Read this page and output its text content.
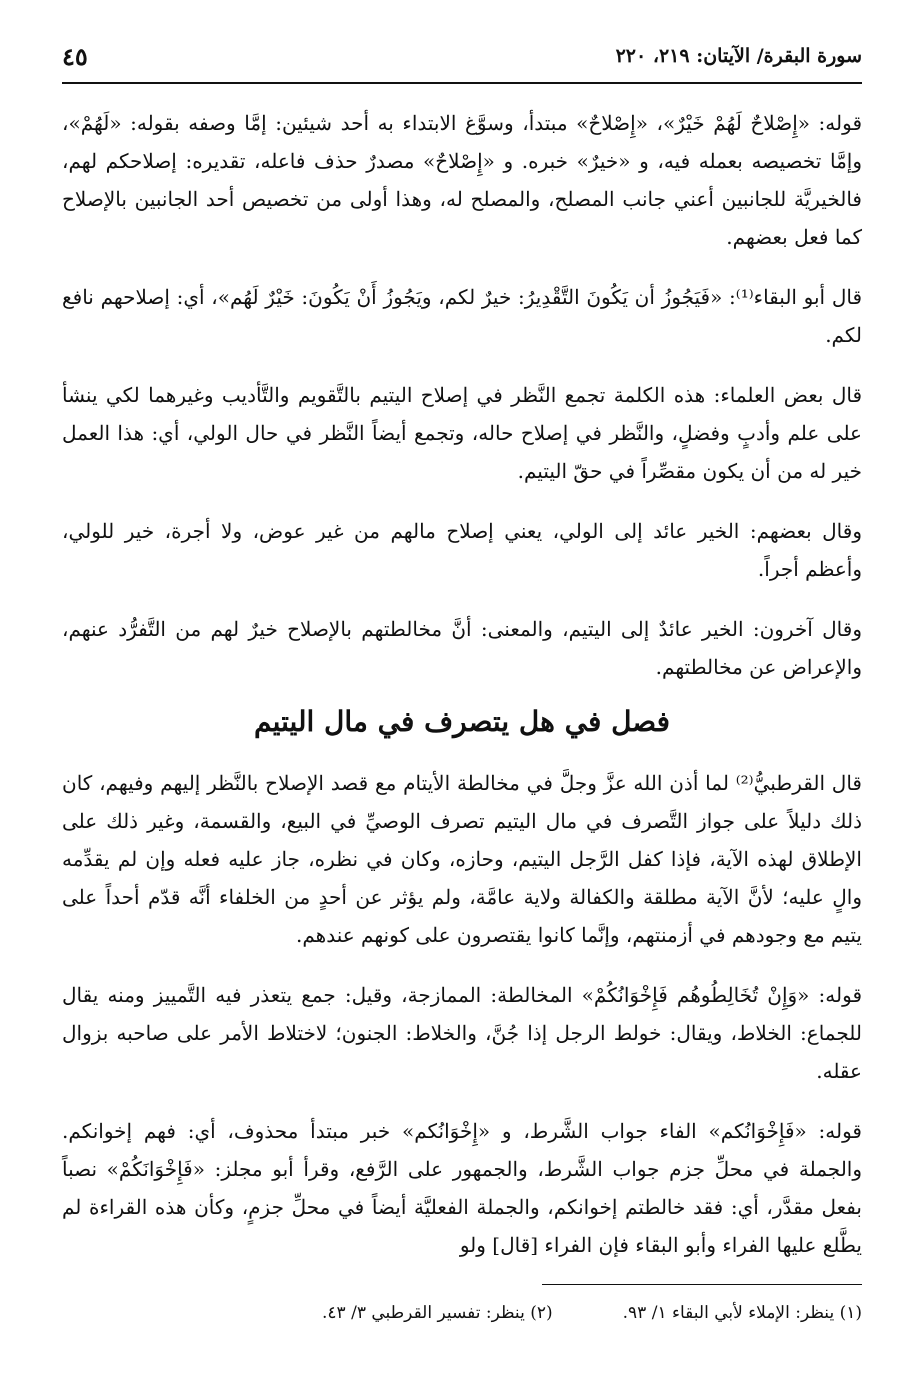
سورة البقرة/ الآيتان: ٢١٩، ٢٢٠
٤٥

قوله: «إِصْلاحٌ لَهُمْ خَيْرٌ»، «إِصْلاحٌ» مبتدأ، وسوَّغ الابتداء به أحد شيئين: إمَّا وصفه بقوله: «لَهُمْ»، وإمَّا تخصيصه بعمله فيه، و «خيرٌ» خبره. و «إِصْلاحٌ» مصدرٌ حذف فاعله، تقديره: إصلاحكم لهم، فالخيريَّة للجانبين أعني جانب المصلح، والمصلح له، وهذا أولى من تخصيص أحد الجانبين بالإصلاح كما فعل بعضهم.

قال أبو البقاء⁽¹⁾: «فَيَجُوزُ أن يَكُونَ التَّقْدِيرُ: خيرٌ لكم، ويَجُوزُ أَنْ يَكُونَ: خَيْرٌ لَهُم»، أي: إصلاحهم نافع لكم.

قال بعض العلماء: هذه الكلمة تجمع النَّظر في إصلاح اليتيم بالتَّقويم والتَّأديب وغيرهما لكي ينشأ على علم وأدبٍ وفضلٍ، والنَّظر في إصلاح حاله، وتجمع أيضاً النَّظر في حال الولي، أي: هذا العمل خير له من أن يكون مقصِّراً في حقّ اليتيم.

وقال بعضهم: الخير عائد إلى الولي، يعني إصلاح مالهم من غير عوض، ولا أجرة، خير للولي، وأعظم أجراً.

وقال آخرون: الخير عائدٌ إلى اليتيم، والمعنى: أنَّ مخالطتهم بالإصلاح خيرٌ لهم من التَّفرُّد عنهم، والإعراض عن مخالطتهم.

فصل في هل يتصرف في مال اليتيم

قال القرطبيُّ⁽²⁾ لما أذن الله عزَّ وجلَّ في مخالطة الأيتام مع قصد الإصلاح بالنَّظر إليهم وفيهم، كان ذلك دليلاً على جواز التَّصرف في مال اليتيم تصرف الوصيِّ في البيع، والقسمة، وغير ذلك على الإطلاق لهذه الآية، فإذا كفل الرَّجل اليتيم، وحازه، وكان في نظره، جاز عليه فعله وإن لم يقدِّمه والٍ عليه؛ لأنَّ الآية مطلقة والكفالة ولاية عامَّة، ولم يؤثر عن أحدٍ من الخلفاء أنَّه قدّم أحداً على يتيم مع وجودهم في أزمنتهم، وإنَّما كانوا يقتصرون على كونهم عندهم.

قوله: «وَإِنْ تُخَالِطُوهُم فَإِخْوَانُكُمْ» المخالطة: الممازجة، وقيل: جمع يتعذر فيه التَّمييز ومنه يقال للجماع: الخلاط، ويقال: خولط الرجل إذا جُنَّ، والخلاط: الجنون؛ لاختلاط الأمر على صاحبه بزوال عقله.

قوله: «فَإِخْوَانُكم» الفاء جواب الشَّرط، و «إِخْوَانُكم» خبر مبتدأ محذوف، أي: فهم إخوانكم. والجملة في محلِّ جزم جواب الشَّرط، والجمهور على الرَّفع، وقرأ أبو مجلز: «فَإِخْوَانَكُمْ» نصباً بفعل مقدَّر، أي: فقد خالطتم إخوانكم، والجملة الفعليَّة أيضاً في محلِّ جزمٍ، وكأن هذه القراءة لم يطَّلع عليها الفراء وأبو البقاء فإن الفراء [قال] ولو

(١) ينظر: الإملاء لأبي البقاء ١/ ٩٣.
(٢) ينظر: تفسير القرطبي ٣/ ٤٣.
